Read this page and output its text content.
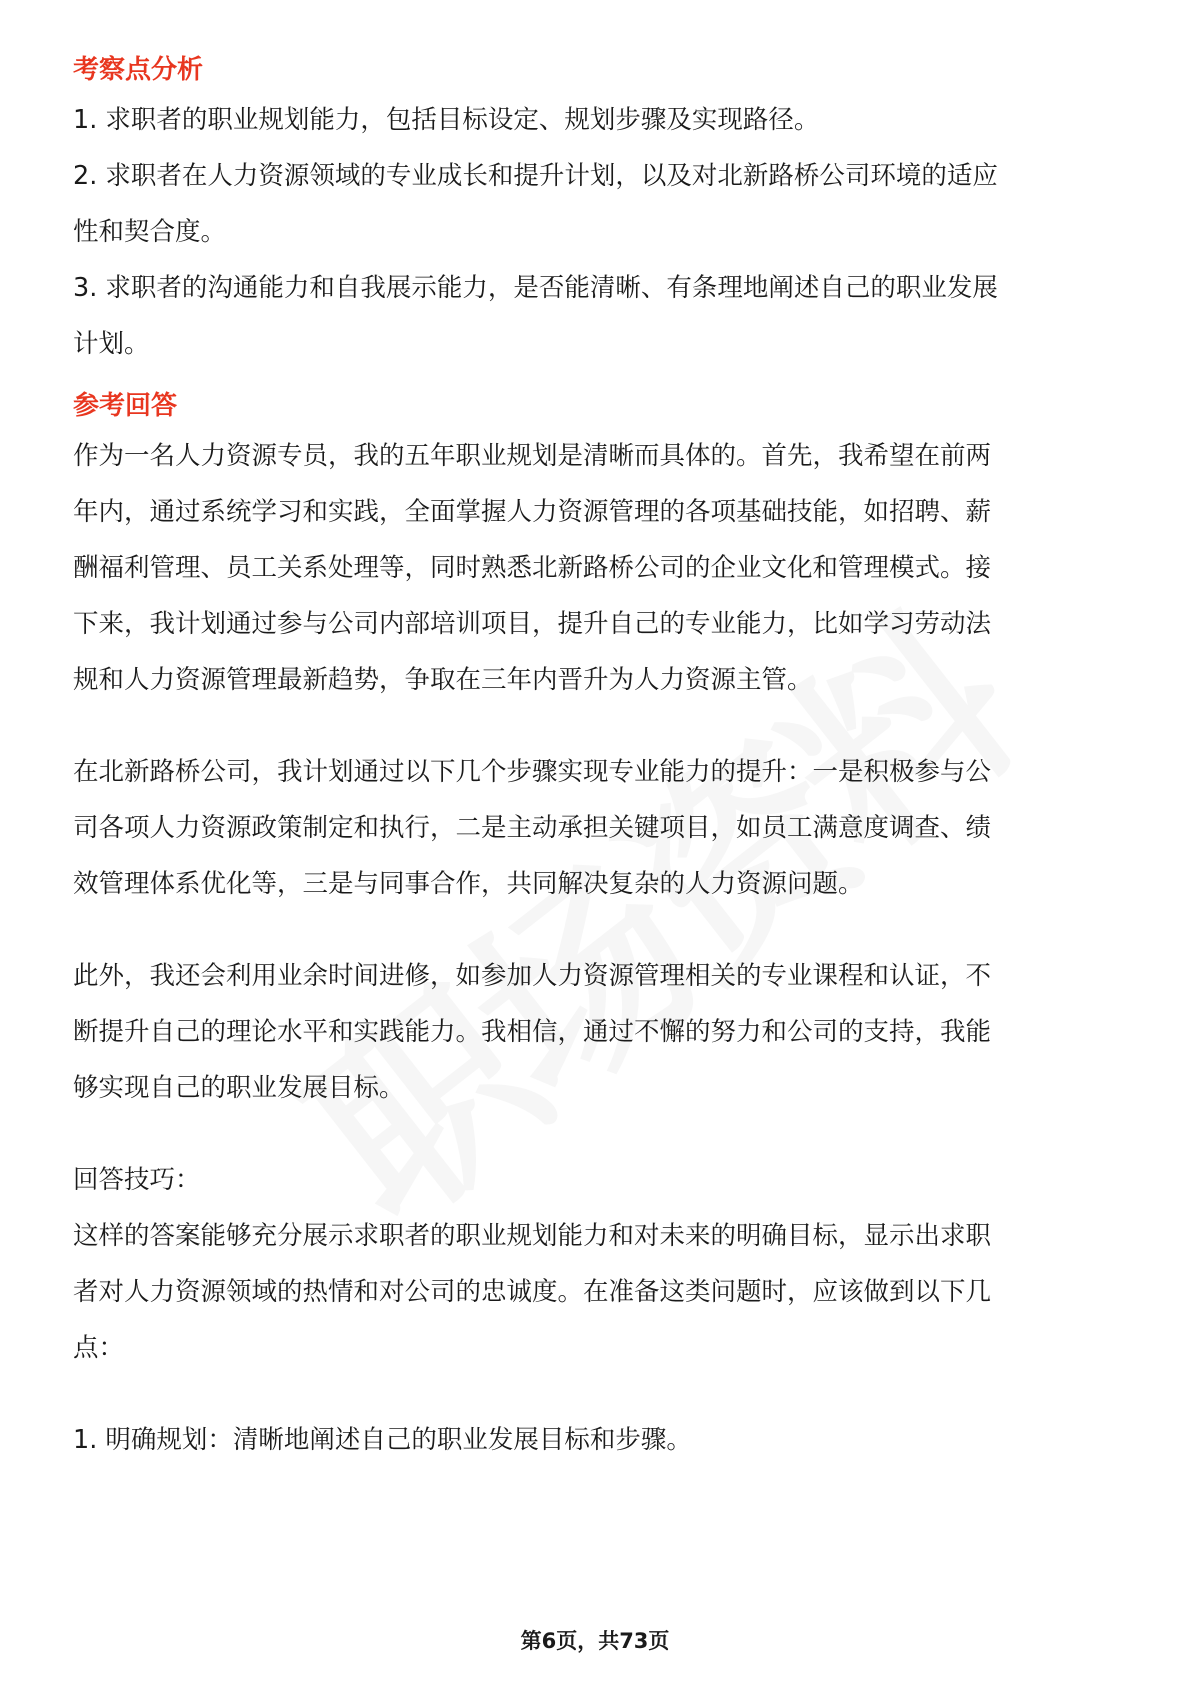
考察点分析

1. 求职者的职业规划能力，包括目标设定、规划步骤及实现路径。

2. 求职者在人力资源领域的专业成长和提升计划，以及对北新路桥公司环境的适应

性和契合度。

3. 求职者的沟通能力和自我展示能力，是否能清晰、有条理地阐述自己的职业发展

计划。

参考回答

作为一名人力资源专员，我的五年职业规划是清晰而具体的。首先，我希望在前两

年内，通过系统学习和实践，全面掌握人力资源管理的各项基础技能，如招聘、薪

酬福利管理、员工关系处理等，同时熟悉北新路桥公司的企业文化和管理模式。接

下来，我计划通过参与公司内部培训项目，提升自己的专业能力，比如学习劳动法

规和人力资源管理最新趋势，争取在三年内晋升为人力资源主管。

在北新路桥公司，我计划通过以下几个步骤实现专业能力的提升：一是积极参与公

司各项人力资源政策制定和执行，二是主动承担关键项目，如员工满意度调查、绩

效管理体系优化等，三是与同事合作，共同解决复杂的人力资源问题。

此外，我还会利用业余时间进修，如参加人力资源管理相关的专业课程和认证，不

断提升自己的理论水平和实践能力。我相信，通过不懈的努力和公司的支持，我能

够实现自己的职业发展目标。

回答技巧：

这样的答案能够充分展示求职者的职业规划能力和对未来的明确目标，显示出求职

者对人力资源领域的热情和对公司的忠诚度。在准备这类问题时，应该做到以下几

点：

1. 明确规划：清晰地阐述自己的职业发展目标和步骤。

第6页，共73页
